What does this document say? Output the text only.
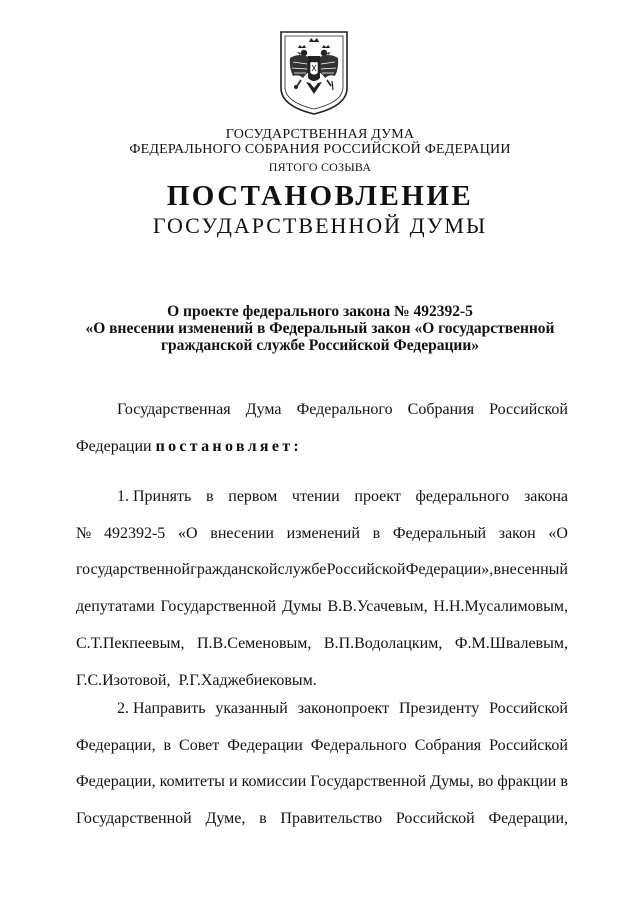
ГОСУДАРСТВЕННАЯ ДУМА
ФЕДЕРАЛЬНОГО СОБРАНИЯ РОССИЙСКОЙ ФЕДЕРАЦИИ
ПЯТОГО СОЗЫВА
ПОСТАНОВЛЕНИЕ
ГОСУДАРСТВЕННОЙ ДУМЫ
О проекте федерального закона № 492392-5
«О внесении изменений в Федеральный закон «О государственной
гражданской службе Российской Федерации»
Государственная Дума Федерального Собрания Российской
Федерации постановляет:
1. Принять в первом чтении проект федерального закона
№ 492392-5 «О внесении изменений в Федеральный закон «О
государственной гражданской службе Российской Федерации», внесенный
депутатами Государственной Думы В.В.Усачевым, Н.Н.Мусалимовым,
С.Т.Пекпеевым, П.В.Семеновым, В.П.Водолацким, Ф.М.Швалевым,
Г.С.Изотовой,  Р.Г.Хаджебиековым.
2. Направить указанный законопроект Президенту Российской
Федерации, в Совет Федерации Федерального Собрания Российской
Федерации, комитеты и комиссии Государственной Думы, во фракции в
Государственной Думе, в Правительство Российской Федерации,
